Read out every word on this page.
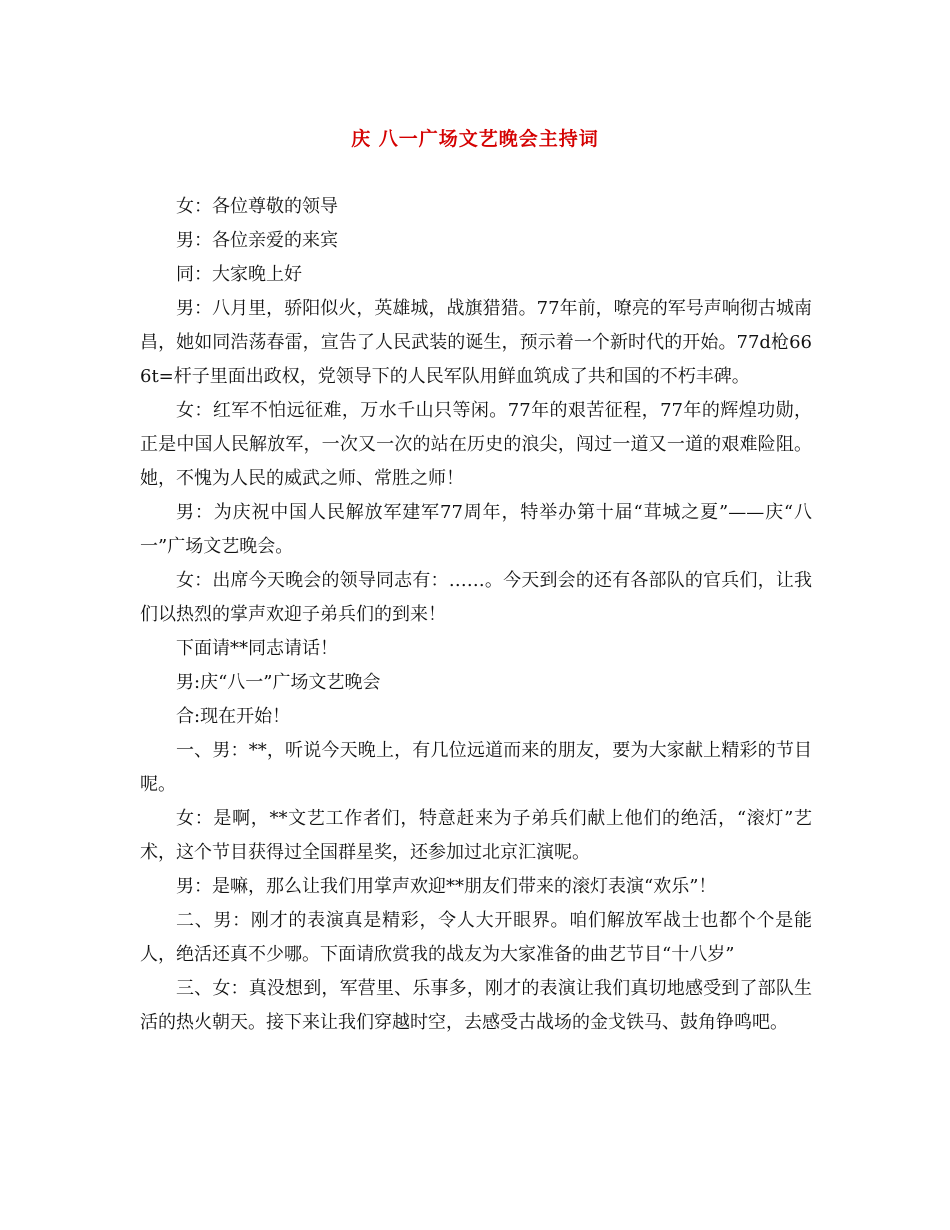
庆 八一广场文艺晚会主持词

女：各位尊敬的领导

男：各位亲爱的来宾

同：大家晚上好

男：八月里，骄阳似火，英雄城，战旗猎猎。77年前，嘹亮的军号声响彻古城南昌，她如同浩荡春雷，宣告了人民武装的诞生，预示着一个新时代的开始。77d枪666t=杆子里面出政权，党领导下的人民军队用鲜血筑成了共和国的不朽丰碑。

女：红军不怕远征难，万水千山只等闲。77年的艰苦征程，77年的辉煌功勋，正是中国人民解放军，一次又一次的站在历史的浪尖，闯过一道又一道的艰难险阻。她，不愧为人民的威武之师、常胜之师！

男：为庆祝中国人民解放军建军77周年，特举办第十届“茸城之夏”——庆“八一”广场文艺晚会。

女：出席今天晚会的领导同志有：……。今天到会的还有各部队的官兵们，让我们以热烈的掌声欢迎子弟兵们的到来！

下面请**同志请话！

男:庆“八一”广场文艺晚会

合:现在开始！

一、男：**，听说今天晚上，有几位远道而来的朋友，要为大家献上精彩的节目呢。

女：是啊，**文艺工作者们，特意赶来为子弟兵们献上他们的绝活，“滚灯”艺术，这个节目获得过全国群星奖，还参加过北京汇演呢。

男：是嘛，那么让我们用掌声欢迎**朋友们带来的滚灯表演“欢乐”！

二、男：刚才的表演真是精彩，令人大开眼界。咱们解放军战士也都个个是能人，绝活还真不少哪。下面请欣赏我的战友为大家准备的曲艺节目“十八岁”

三、女：真没想到，军营里、乐事多，刚才的表演让我们真切地感受到了部队生活的热火朝天。接下来让我们穿越时空，去感受古战场的金戈铁马、鼓角铮鸣吧。
